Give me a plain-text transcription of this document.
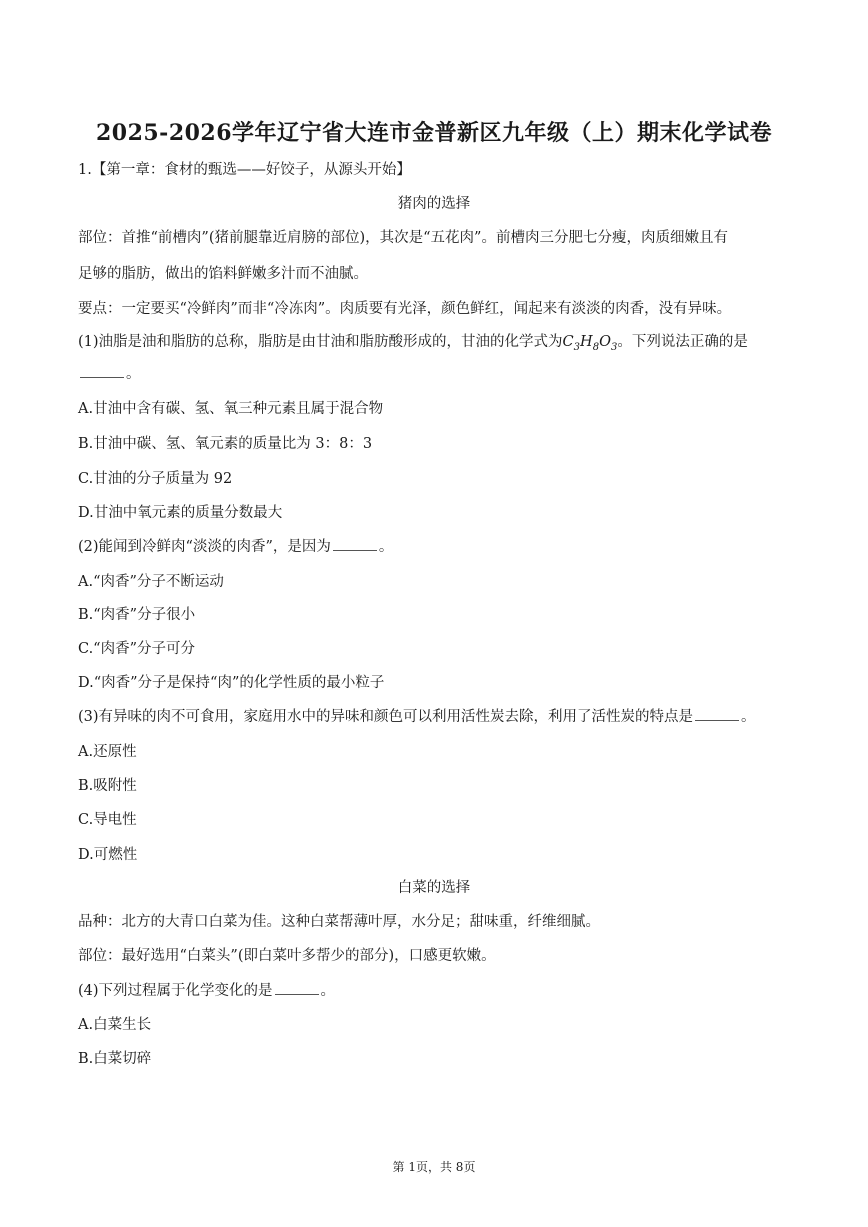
2025-2026学年辽宁省大连市金普新区九年级（上）期末化学试卷
1.【第一章：食材的甄选——好饺子，从源头开始】
猪肉的选择
部位：首推“前槽肉”(猪前腿靠近肩膀的部位)，其次是“五花肉”。前槽肉三分肥七分瘦，肉质细嫩且有
足够的脂肪，做出的馅料鲜嫩多汁而不油腻。
要点：一定要买“冷鲜肉”而非“冷冻肉”。肉质要有光泽，颜色鲜红，闻起来有淡淡的肉香，没有异味。
(1)油脂是油和脂肪的总称，脂肪是由甘油和脂肪酸形成的，甘油的化学式为$C_3H_8O_3$。下列说法正确的是
。
A.甘油中含有碳、氢、氧三种元素且属于混合物
B.甘油中碳、氢、氧元素的质量比为 3：8：3
C.甘油的分子质量为 92
D.甘油中氧元素的质量分数最大
(2)能闻到冷鲜肉“淡淡的肉香”，是因为	。
A.“肉香”分子不断运动
B.“肉香”分子很小
C.“肉香”分子可分
D.“肉香”分子是保持“肉”的化学性质的最小粒子
(3)有异味的肉不可食用，家庭用水中的异味和颜色可以利用活性炭去除，利用了活性炭的特点是	。
A.还原性
B.吸附性
C.导电性
D.可燃性
白菜的选择
品种：北方的大青口白菜为佳。这种白菜帮薄叶厚，水分足；甜味重，纤维细腻。
部位：最好选用“白菜头”(即白菜叶多帮少的部分)，口感更软嫩。
(4)下列过程属于化学变化的是	。
A.白菜生长
B.白菜切碎
第 1页，共 8页
